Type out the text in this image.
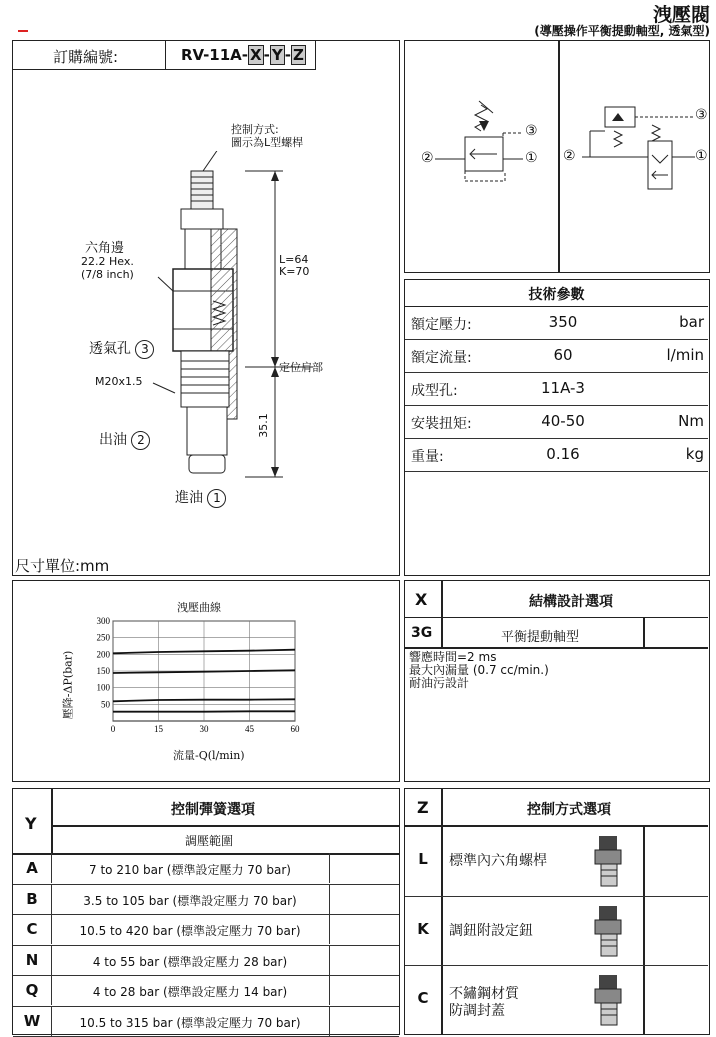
洩壓閥
(導壓操作平衡提動軸型, 透氣型)
訂購編號:	RV-11A- X - Y - Z
控制方式:
圖示為L型螺桿
六角邊
22.2 Hex.
(7/8 inch)
L=64
K=70
透氣孔 3
定位肩部
M20x1.5
出油 2
35.1
進油 1
尺寸單位:mm
③
②	①
③
②	①
技術參數
額定壓力:	350	bar
額定流量:	60	l/min
成型孔:	11A-3
安裝扭矩:	40-50	Nm
重量:	0.16	kg
洩壓曲線
壓降-ΔP(bar)
流量-Q(l/min)
50
100
150
200
250
300
0	15	30	45	60
X	結構設計選項
3G	平衡提動軸型
響應時間=2 ms
最大內漏量 (0.7 cc/min.)
耐油污設計
Y
控制彈簧選項
調壓範圍
A	7 to 210 bar (標準設定壓力 70 bar)
B	3.5 to 105 bar (標準設定壓力 70 bar)
C	10.5 to 420 bar (標準設定壓力 70 bar)
N	4 to 55 bar (標準設定壓力 28 bar)
Q	4 to 28 bar (標準設定壓力 14 bar)
W	10.5 to 315 bar (標準設定壓力 70 bar)
Z	控制方式選項
L	標準內六角螺桿
K	調鈕附設定鈕
C	不鏽鋼材質
防調封蓋
